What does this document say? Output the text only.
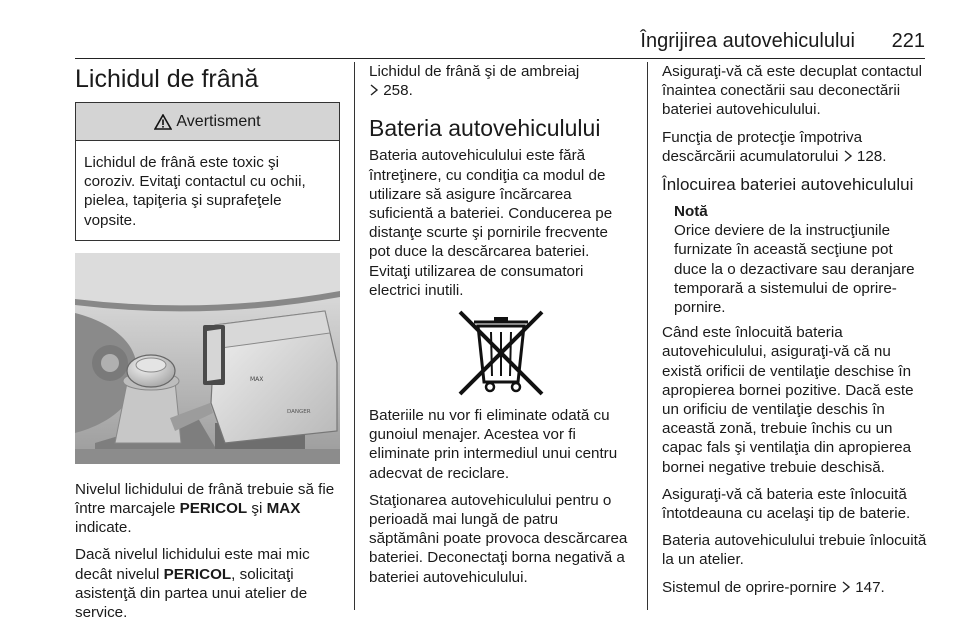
Îngrijirea autovehiculului 221
Lichidul de frână
Avertisment
Lichidul de frână este toxic şi coroziv. Evitaţi contactul cu ochii, pielea, tapiţeria şi suprafeţele vopsite.
MAX
DANGER

Nivelul lichidului de frână trebuie să fie între marcajele PERICOL şi MAX indicate.

Dacă nivelul lichidului este mai mic decât nivelul PERICOL, solicitaţi asistenţă din partea unui atelier de service.

Lichidul de frână şi de ambreiaj
258.

Bateria autovehiculului

Bateria autovehiculului este fără întreţinere, cu condiţia ca modul de utilizare să asigure încărcarea suficientă a bateriei. Conducerea pe distanţe scurte şi pornirile frecvente pot duce la descărcarea bateriei. Evitaţi utilizarea de consumatori electrici inutili.

Bateriile nu vor fi eliminate odată cu gunoiul menajer. Acestea vor fi eliminate prin intermediul unui centru adecvat de reciclare.

Staţionarea autovehiculului pentru o perioadă mai lungă de patru săptămâni poate provoca descărcarea bateriei. Deconectaţi borna negativă a bateriei autovehiculului.

Asiguraţi-vă că este decuplat contactul înaintea conectării sau deconectării bateriei autovehiculului.

Funcţia de protecţie împotriva descărcării acumulatorului 128.

Înlocuirea bateriei autovehiculului
Notă
Orice deviere de la instrucţiunile furnizate în această secţiune pot duce la o dezactivare sau deranjare temporară a sistemului de oprire-pornire.

Când este înlocuită bateria autovehiculului, asiguraţi-vă că nu există orificii de ventilaţie deschise în apropierea bornei pozitive. Dacă este un orificiu de ventilaţie deschis în această zonă, trebuie închis cu un capac fals şi ventilaţia din apropierea bornei negative trebuie deschisă.

Asiguraţi-vă că bateria este înlocuită întotdeauna cu acelaşi tip de baterie.

Bateria autovehiculului trebuie înlocuită la un atelier.

Sistemul de oprire-pornire 147.
